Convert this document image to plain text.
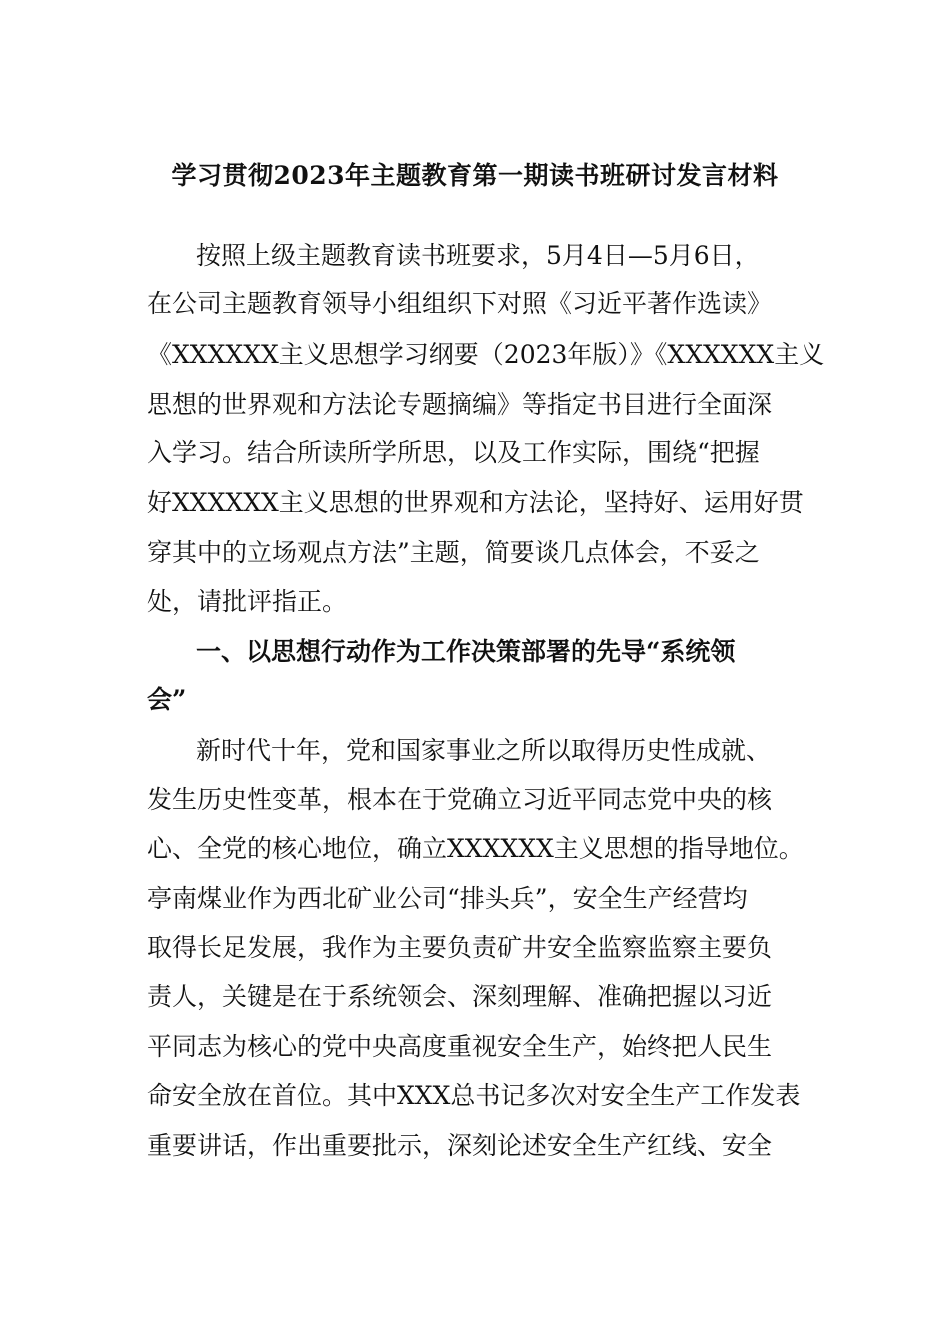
学习贯彻2023年主题教育第一期读书班研讨发言材料
按照上级主题教育读书班要求，5月4日—5月6日，
在公司主题教育领导小组组织下对照《习近平著作选读》
《XXXXXX主义思想学习纲要（2023年版）》《XXXXXX主义
思想的世界观和方法论专题摘编》等指定书目进行全面深
入学习。结合所读所学所思，以及工作实际，围绕“把握
好XXXXXX主义思想的世界观和方法论，坚持好、运用好贯
穿其中的立场观点方法”主题，简要谈几点体会，不妥之
处，请批评指正。
一、以思想行动作为工作决策部署的先导“系统领
会”
新时代十年，党和国家事业之所以取得历史性成就、
发生历史性变革，根本在于党确立习近平同志党中央的核
心、全党的核心地位，确立XXXXXX主义思想的指导地位。
亭南煤业作为西北矿业公司“排头兵”，安全生产经营均
取得长足发展，我作为主要负责矿井安全监察监察主要负
责人，关键是在于系统领会、深刻理解、准确把握以习近
平同志为核心的党中央高度重视安全生产，始终把人民生
命安全放在首位。其中XXX总书记多次对安全生产工作发表
重要讲话，作出重要批示，深刻论述安全生产红线、安全
